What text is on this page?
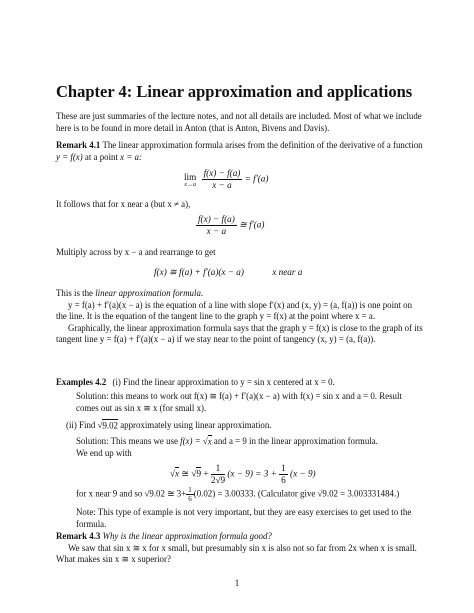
Chapter 4: Linear approximation and applications

These are just summaries of the lecture notes, and not all details are included. Most of what we include here is to be found in more detail in Anton (that is Anton, Bivens and Davis).

Remark 4.1 The linear approximation formula arises from the definition of the derivative of a function y = f(x) at a point x = a:

lim
x→a
$\frac{f(x) - f(a)}{x - a} = f'(a)$

It follows that for x near a (but x ≠ a),

$\frac{f(x) - f(a)}{x - a}$ ≅ f′(a)

Multiply across by x − a and rearrange to get

f(x) ≅ f(a) + f′(a)(x − a)	x near a

This is the linear approximation formula.

y = f(a) + f′(a)(x − a) is the equation of a line with slope f′(x) and (x, y) = (a, f(a)) is one point on the line. It is the equation of the tangent line to the graph y = f(x) at the point where x = a.

Graphically, the linear approximation formula says that the graph y = f(x) is close to the graph of its tangent line y = f(a) + f′(a)(x − a) if we stay near to the point of tangency (x, y) = (a, f(a)).

Examples 4.2 (i) Find the linear approximation to y = sin x centered at x = 0.

Solution: this means to work out f(x) ≅ f(a) + f′(a)(x − a) with f(x) = sin x and a = 0. Result comes out as sin x ≅ x (for small x).

(ii) Find √9.02 approximately using linear approximation.

Solution: This means we use f(x) = √x and a = 9 in the linear approximation formula.

We end up with

√x ≅ $√9 + \frac{1}{2√9} (x - 9) = 3 + \frac{1}{6} (x - 9)$

for x near 9 and so √9.02 ≅ $3+ \frac{1}{6} (0.02) = 3.00333$. (Calculator give √9.02 = 3.003331484.)

Note: This type of example is not very important, but they are easy exercises to get used to the formula.

Remark 4.3 Why is the linear approximation formula good?

We saw that sin x ≅ x for x small, but presumably sin x is also not so far from 2x when x is small. What makes sin x ≅ x superior?

1
